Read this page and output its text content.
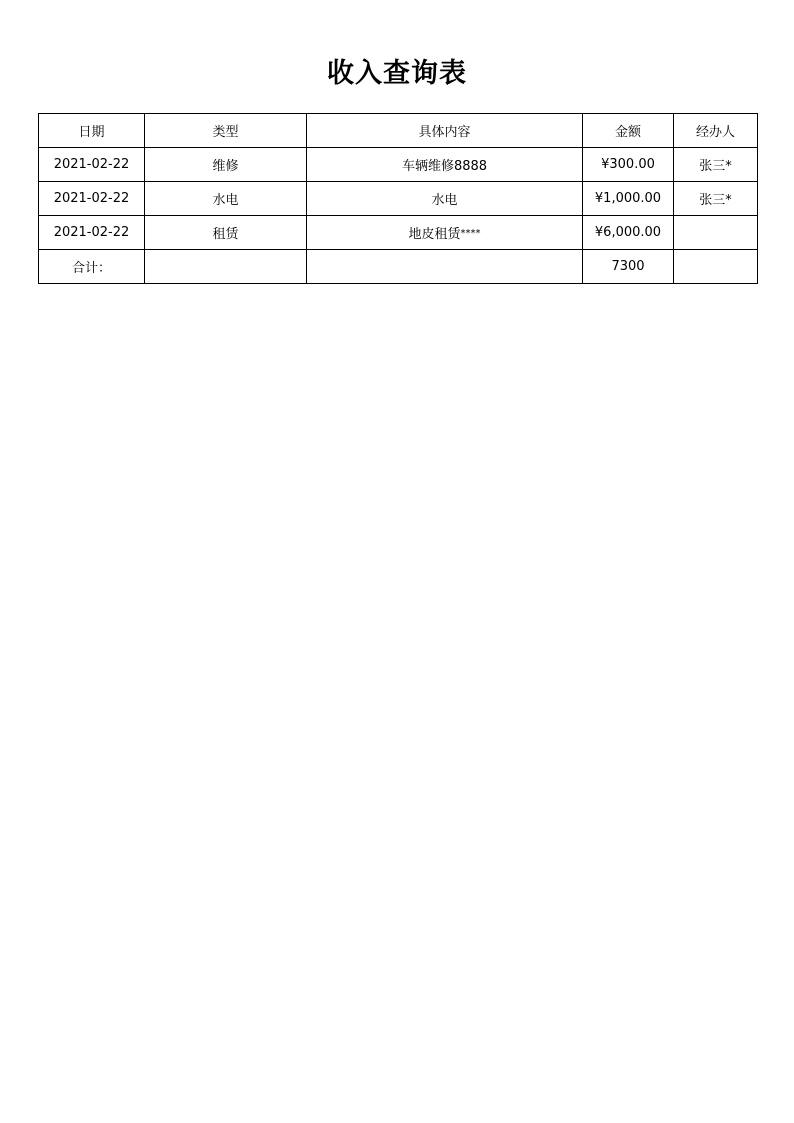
收入查询表
日期	类型	具体内容	金额	经办人
2021-02-22	维修	车辆维修8888	¥300.00	张三*
2021-02-22	水电	水电	¥1,000.00	张三*
2021-02-22	租赁	地皮租赁****	¥6,000.00	
合计：			7300	
